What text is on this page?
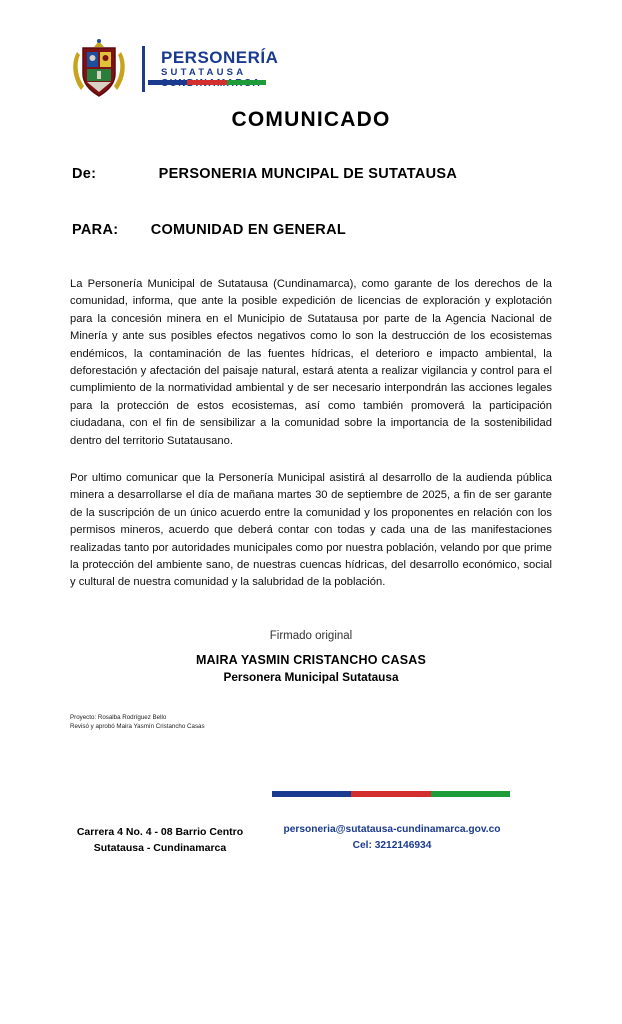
PERSONERÍA
SUTATAUSA
COMUNICADO
De:	PERSONERIA MUNCIPAL DE SUTATAUSA
PARA: COMUNIDAD EN GENERAL
La Personería Municipal de Sutatausa (Cundinamarca), como garante de los derechos de la comunidad, informa, que ante la posible expedición de licencias de exploración y explotación para la concesión minera en el Municipio de Sutatausa por parte de la Agencia Nacional de Minería y ante sus posibles efectos negativos como lo son la destrucción de los ecosistemas endémicos, la contaminación de las fuentes hídricas, el deterioro e impacto ambiental, la deforestación y afectación del paisaje natural, estará atenta a realizar vigilancia y control para el cumplimiento de la normatividad ambiental y de ser necesario interpondrán las acciones legales para la protección de estos ecosistemas, así como también promoverá la participación ciudadana, con el fin de sensibilizar a la comunidad sobre la importancia de la sostenibilidad dentro del territorio Sutatausano.
Por ultimo comunicar que la Personería Municipal asistirá al desarrollo de la audienda pública minera a desarrollarse el día de mañana martes 30 de septiembre de 2025, a fin de ser garante de la suscripción de un único acuerdo entre la comunidad y los proponentes en relación con los permisos mineros, acuerdo que deberá contar con todas y cada una de las manifestaciones realizadas tanto por autoridades municipales como por nuestra población, velando por que prime la protección del ambiente sano, de nuestras cuencas hídricas, del desarrollo económico, social y cultural de nuestra comunidad y la salubridad de la población.
Firmado original
MAIRA YASMIN CRISTANCHO CASAS
Personera Municipal Sutatausa
Proyecto: Rosalba Rodríguez Bello
Revisó y aprobó Maira Yasmín Cristancho Casas
Carrera 4 No. 4 - 08 Barrio Centro
Sutatausa - Cundinamarca
personeria@sutatausa-cundinamarca.gov.co
Cel: 3212146934
